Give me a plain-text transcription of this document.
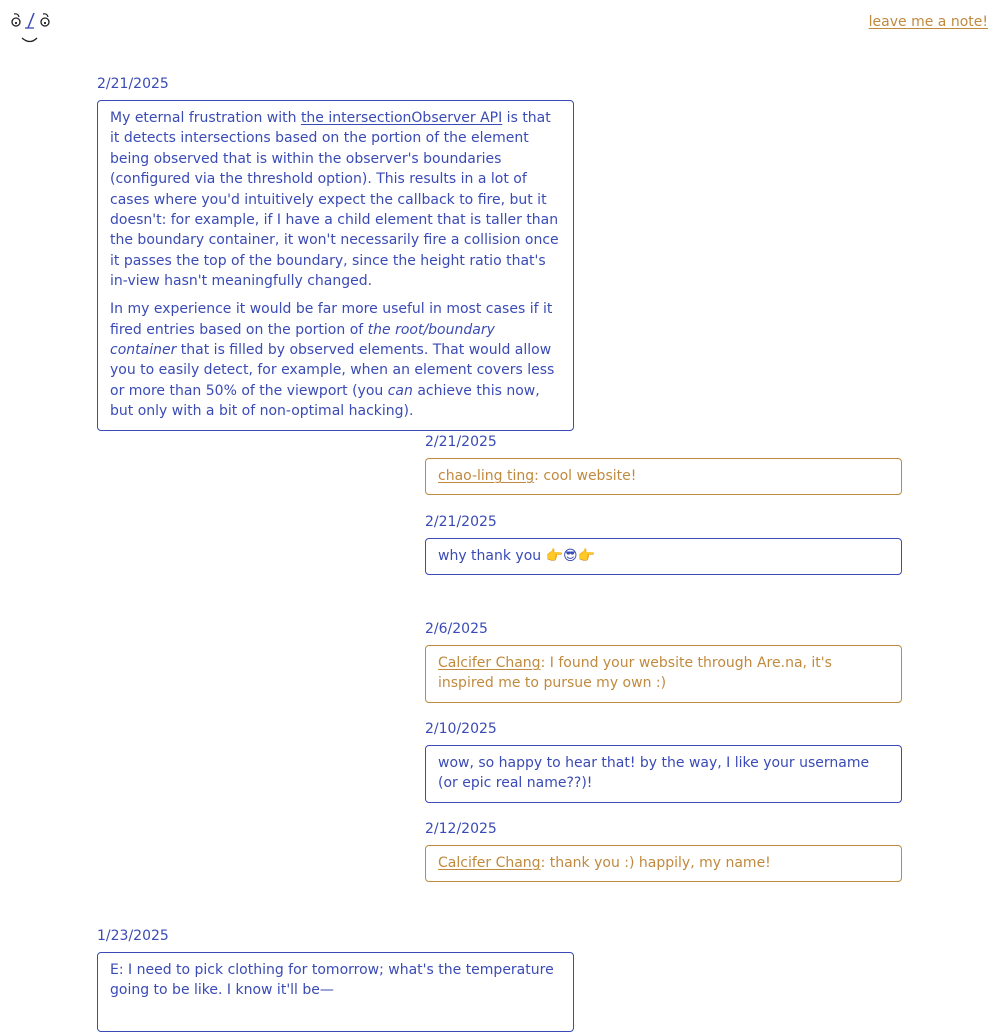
leave me a note!
2/21/2025

My eternal frustration with the intersectionObserver API is that it detects intersections based on the portion of the element being observed that is within the observer's boundaries (configured via the threshold option). This results in a lot of cases where you'd intuitively expect the callback to fire, but it doesn't: for example, if I have a child element that is taller than the boundary container, it won't necessarily fire a collision once it passes the top of the boundary, since the height ratio that's in-view hasn't meaningfully changed.

In my experience it would be far more useful in most cases if it fired entries based on the portion of the root/boundary container that is filled by observed elements. That would allow you to easily detect, for example, when an element covers less or more than 50% of the viewport (you can achieve this now, but only with a bit of non-optimal hacking).

2/21/2025

chao-ling ting: cool website!

2/21/2025

why thank you 👉😎👉

2/6/2025

Calcifer Chang: I found your website through Are.na, it's inspired me to pursue my own :)

2/10/2025

wow, so happy to hear that! by the way, I like your username (or epic real name??)!

2/12/2025

Calcifer Chang: thank you :) happily, my name!

1/23/2025

E: I need to pick clothing for tomorrow; what's the temperature going to be like. I know it'll be—
